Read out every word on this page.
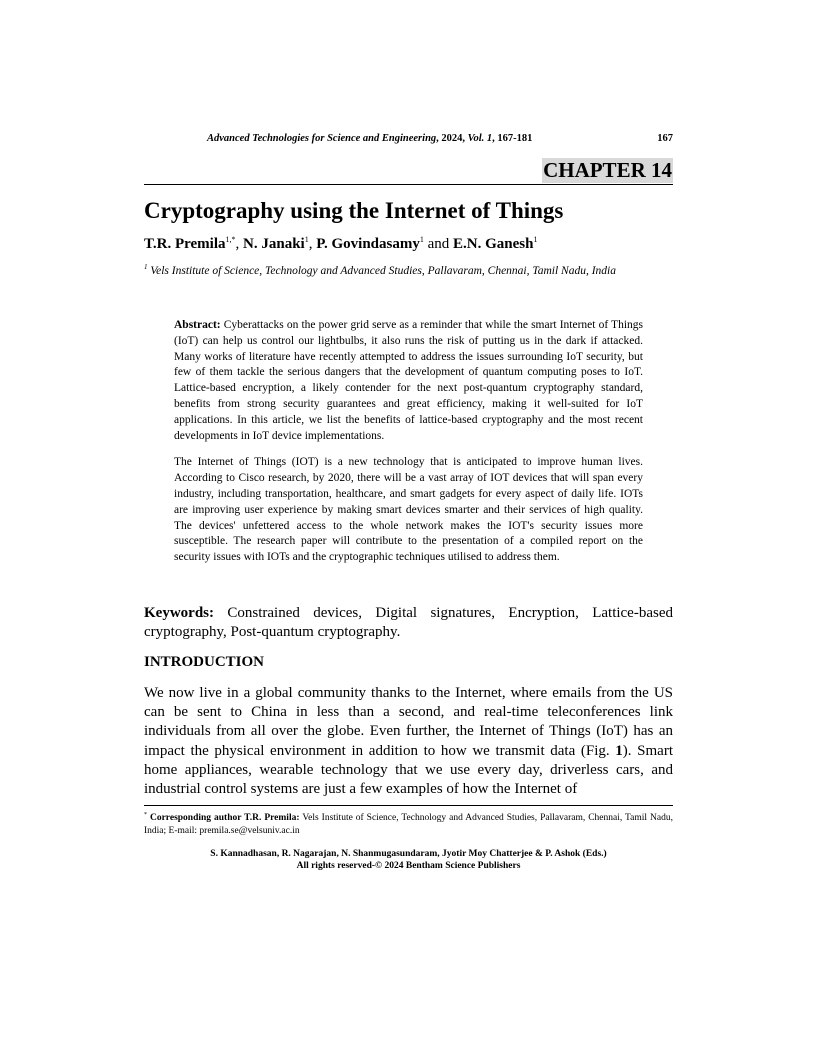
Advanced Technologies for Science and Engineering, 2024, Vol. 1, 167-181	167
CHAPTER 14
Cryptography using the Internet of Things
T.R. Premila$^{1,*}$, N. Janaki$^1$, P. Govindasamy$^1$ and E.N. Ganesh$^1$
$^1$ Vels Institute of Science, Technology and Advanced Studies, Pallavaram, Chennai, Tamil Nadu, India

Abstract: Cyberattacks on the power grid serve as a reminder that while the smart Internet of Things (IoT) can help us control our lightbulbs, it also runs the risk of putting us in the dark if attacked. Many works of literature have recently attempted to address the issues surrounding IoT security, but few of them tackle the serious dangers that the development of quantum computing poses to IoT. Lattice-based encryption, a likely contender for the next post-quantum cryptography standard, benefits from strong security guarantees and great efficiency, making it well-suited for IoT applications. In this article, we list the benefits of lattice-based cryptography and the most recent developments in IoT device implementations.

The Internet of Things (IOT) is a new technology that is anticipated to improve human lives. According to Cisco research, by 2020, there will be a vast array of IOT devices that will span every industry, including transportation, healthcare, and smart gadgets for every aspect of daily life. IOTs are improving user experience by making smart devices smarter and their services of high quality. The devices' unfettered access to the whole network makes the IOT's security issues more susceptible. The research paper will contribute to the presentation of a compiled report on the security issues with IOTs and the cryptographic techniques utilised to address them.

Keywords: Constrained devices, Digital signatures, Encryption, Lattice-based cryptography, Post-quantum cryptography.
INTRODUCTION
We now live in a global community thanks to the Internet, where emails from the US can be sent to China in less than a second, and real-time teleconferences link individuals from all over the globe. Even further, the Internet of Things (IoT) has an impact the physical environment in addition to how we transmit data (Fig. 1). Smart home appliances, wearable technology that we use every day, driverless cars, and industrial control systems are just a few examples of how the Internet of
* Corresponding author T.R. Premila: Vels Institute of Science, Technology and Advanced Studies, Pallavaram, Chennai, Tamil Nadu, India; E-mail: premila.se@velsuniv.ac.in
S. Kannadhasan, R. Nagarajan, N. Shanmugasundaram, Jyotir Moy Chatterjee & P. Ashok (Eds.)
All rights reserved-© 2024 Bentham Science Publishers
